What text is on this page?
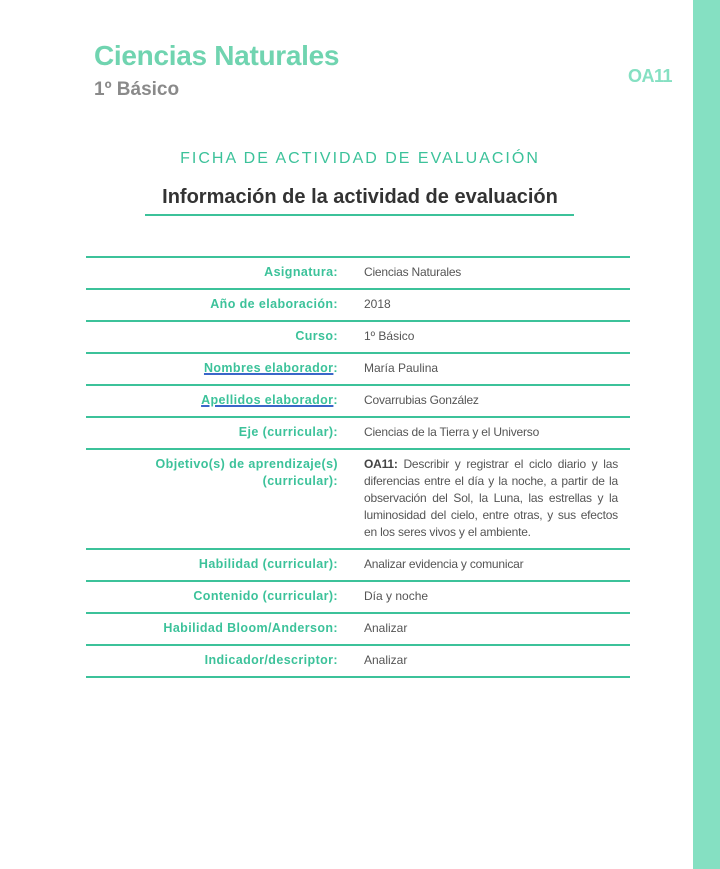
Ciencias Naturales
1º Básico
OA11
FICHA DE ACTIVIDAD DE EVALUACIÓN
Información de la actividad de evaluación
Asignatura:	Ciencias Naturales
Año de elaboración:	2018
Curso:	1º Básico
Nombres elaborador:	María Paulina
Apellidos elaborador:	Covarrubias González
Eje (curricular):	Ciencias de la Tierra y el Universo
Objetivo(s) de aprendizaje(s) (curricular):	OA11: Describir y registrar el ciclo diario y las diferencias entre el día y la noche, a partir de la observación del Sol, la Luna, las estrellas y la luminosidad del cielo, entre otras, y sus efectos en los seres vivos y el ambiente.
Habilidad (curricular):	Analizar evidencia y comunicar
Contenido (curricular):	Día y noche
Habilidad Bloom/Anderson:	Analizar
Indicador/descriptor:	Analizar
